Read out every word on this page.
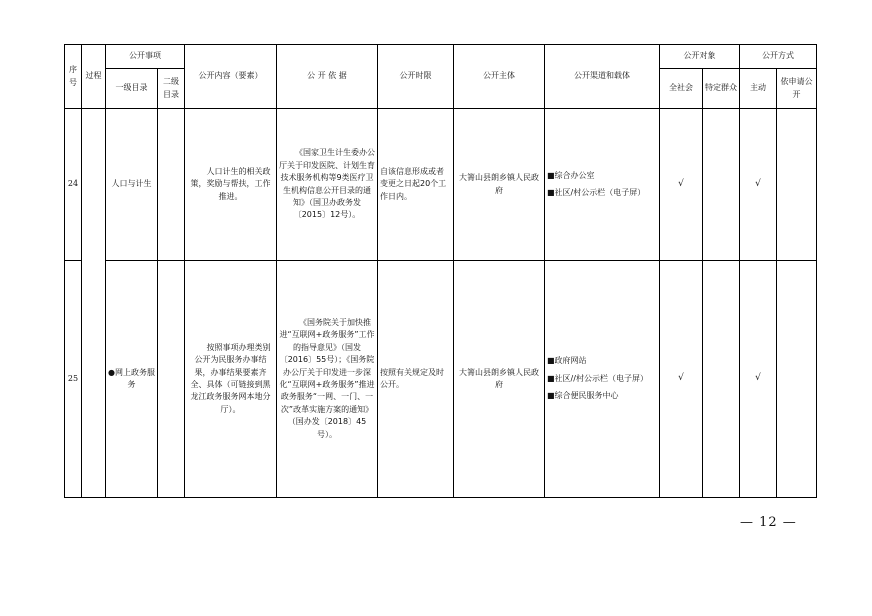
序号	过程	公开事项		公开内容（要素）	公 开 依 据	公开时限	公开主体	公开渠道和载体	公开对象		公开方式	
		一级目录	二级目录						全社会	特定群众	主动	依申请公开
24		人口与计生		人口计生的相关政策，奖励与帮扶，工作推进。	《国家卫生计生委办公厅关于印发医院、计划生育技术服务机构等9类医疗卫生机构信息公开目录的通知》（国卫办政务发〔2015〕12号）。	自该信息形成或者变更之日起20个工作日内。	大箐山县朗乡镇人民政府	■综合办公室
■社区/村公示栏（电子屏）	√		√	
25		●网上政务服务		按照事项办理类别公开为民服务办事结果，办事结果要素齐全、具体（可链接到黑龙江政务服务网本地分厅）。	《国务院关于加快推进“互联网+政务服务”工作的指导意见》（国发〔2016〕55号）；《国务院办公厅关于印发进一步深化“互联网+政务服务”推进政务服务“一网、一门、一次”改革实施方案的通知》（国办发〔2018〕45号）。	按照有关规定及时公开。	大箐山县朗乡镇人民政府	■政府网站
■社区//村公示栏（电子屏）
■综合便民服务中心	√		√	
— 12 —
